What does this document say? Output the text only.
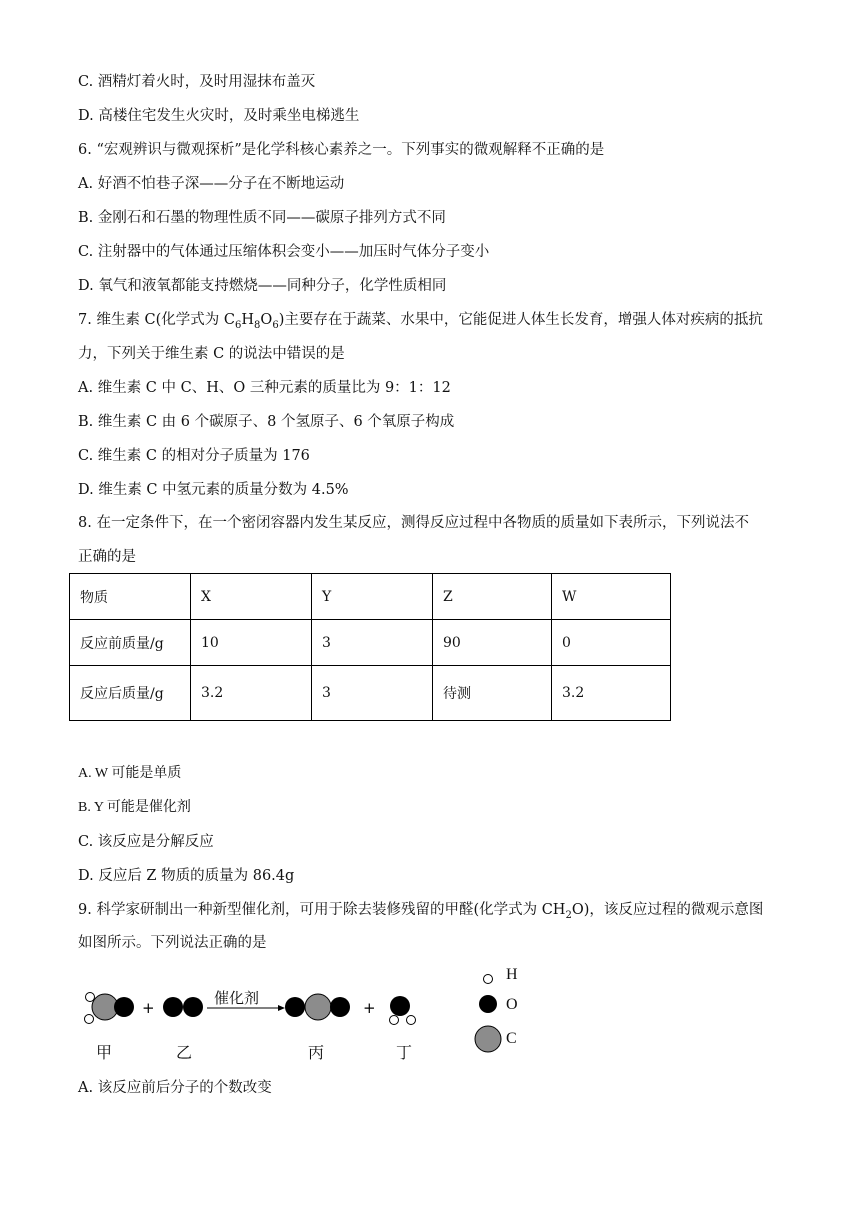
C. 酒精灯着火时，及时用湿抹布盖灭
D. 高楼住宅发生火灾时，及时乘坐电梯逃生
6. “宏观辨识与微观探析”是化学科核心素养之一。下列事实的微观解释不正确的是
A. 好酒不怕巷子深——分子在不断地运动
B. 金刚石和石墨的物理性质不同——碳原子排列方式不同
C. 注射器中的气体通过压缩体积会变小——加压时气体分子变小
D. 氧气和液氧都能支持燃烧——同种分子，化学性质相同
7. 维生素 C(化学式为 $C_6H_8O_6$)主要存在于蔬菜、水果中，它能促进人体生长发育，增强人体对疾病的抵抗
力，下列关于维生素 C 的说法中错误的是
A. 维生素 C 中 C、H、O 三种元素的质量比为 9：1：12
B. 维生素 C 由 6 个碳原子、8 个氢原子、6 个氧原子构成
C. 维生素 C 的相对分子质量为 176
D. 维生素 C 中氢元素的质量分数为 4.5%
8. 在一定条件下，在一个密闭容器内发生某反应，测得反应过程中各物质的质量如下表所示，下列说法不
正确的是
物质	X	Y	Z	W
反应前质量/g	10	3	90	0
反应后质量/g	3.2	3	待测	3.2
A. W 可能是单质
B. Y 可能是催化剂
C. 该反应是分解反应
D. 反应后 Z 物质的质量为 86.4g
9. 科学家研制出一种新型催化剂，可用于除去装修残留的甲醛(化学式为 $CH_2O$)，该反应过程的微观示意图
如图所示。下列说法正确的是
+	+
催化剂
甲	乙	丙	丁
H
O
C
A. 该反应前后分子的个数改变
